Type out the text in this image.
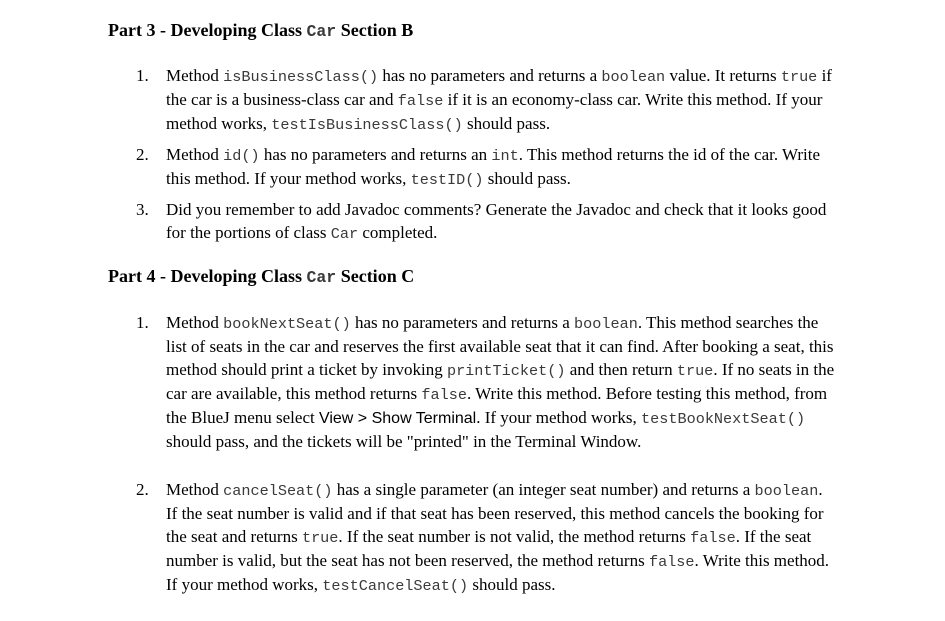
Part 3 - Developing Class Car Section B
1.	Method isBusinessClass() has no parameters and returns a boolean value. It returns true if the car is a business-class car and false if it is an economy-class car. Write this method. If your method works, testIsBusinessClass() should pass.
2.	Method id() has no parameters and returns an int. This method returns the id of the car. Write this method. If your method works, testID() should pass.
3.	Did you remember to add Javadoc comments? Generate the Javadoc and check that it looks good for the portions of class Car completed.
Part 4 - Developing Class Car Section C
1.	Method bookNextSeat() has no parameters and returns a boolean. This method searches the list of seats in the car and reserves the first available seat that it can find. After booking a seat, this method should print a ticket by invoking printTicket() and then return true. If no seats in the car are available, this method returns false. Write this method. Before testing this method, from the BlueJ menu select View > Show Terminal. If your method works, testBookNextSeat() should pass, and the tickets will be "printed" in the Terminal Window.
2.	Method cancelSeat() has a single parameter (an integer seat number) and returns a boolean. If the seat number is valid and if that seat has been reserved, this method cancels the booking for the seat and returns true. If the seat number is not valid, the method returns false. If the seat number is valid, but the seat has not been reserved, the method returns false. Write this method. If your method works, testCancelSeat() should pass.
